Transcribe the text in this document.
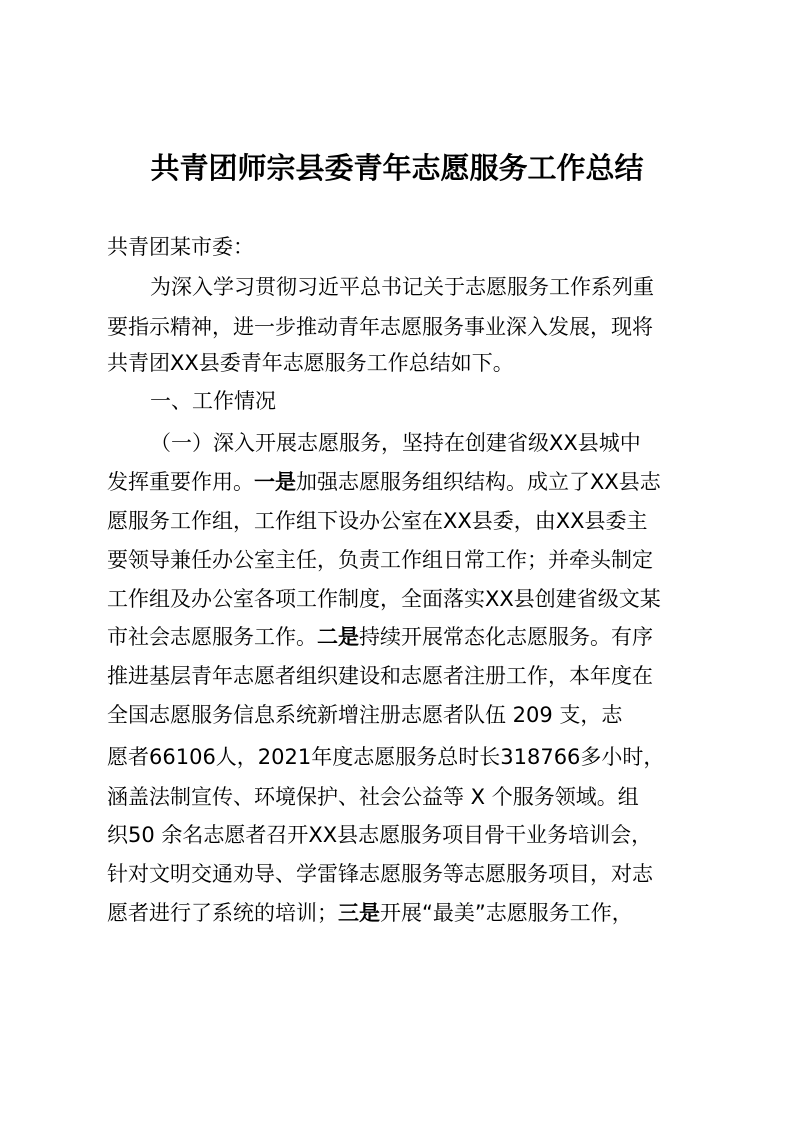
共青团师宗县委青年志愿服务工作总结
共青团某市委：
为深入学习贯彻习近平总书记关于志愿服务工作系列重
要指示精神，进一步推动青年志愿服务事业深入发展，现将
共青团XX县委青年志愿服务工作总结如下。
一、工作情况
（一）深入开展志愿服务，坚持在创建省级XX县城中
发挥重要作用。一是加强志愿服务组织结构。成立了XX县志
愿服务工作组，工作组下设办公室在XX县委，由XX县委主
要领导兼任办公室主任，负责工作组日常工作；并牵头制定
工作组及办公室各项工作制度，全面落实XX县创建省级文某
市社会志愿服务工作。二是持续开展常态化志愿服务。有序
推进基层青年志愿者组织建设和志愿者注册工作，本年度在
全国志愿服务信息系统新增注册志愿者队伍 209 支，志
愿者66106人，2021年度志愿服务总时长318766多小时，
涵盖法制宣传、环境保护、社会公益等 X 个服务领域。组
织50 余名志愿者召开XX县志愿服务项目骨干业务培训会，
针对文明交通劝导、学雷锋志愿服务等志愿服务项目，对志
愿者进行了系统的培训；三是开展“最美”志愿服务工作，
